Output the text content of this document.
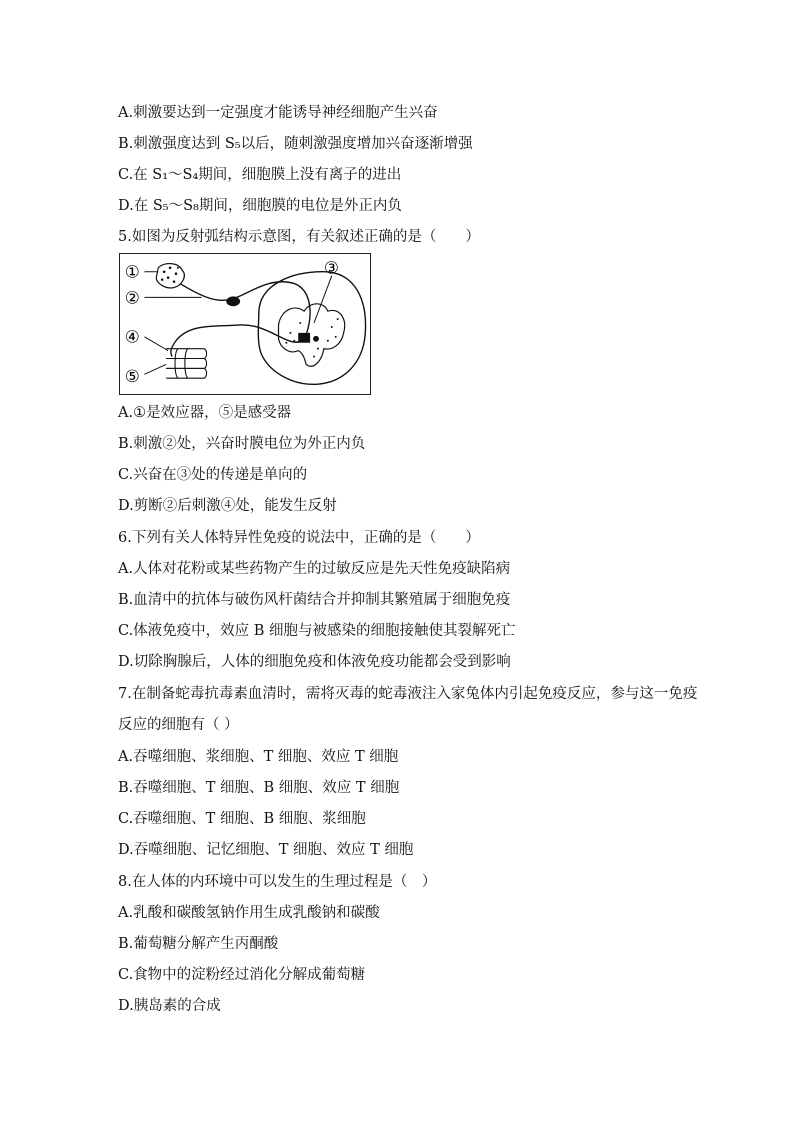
A.刺激要达到一定强度才能诱导神经细胞产生兴奋
B.刺激强度达到 S₅以后，随刺激强度增加兴奋逐渐增强
C.在 S₁～S₄期间，细胞膜上没有离子的进出
D.在 S₅～S₈期间，细胞膜的电位是外正内负
5.如图为反射弧结构示意图，有关叙述正确的是（　　）
①
②
③
④
⑤
A.①是效应器，⑤是感受器
B.刺激②处，兴奋时膜电位为外正内负
C.兴奋在③处的传递是单向的
D.剪断②后刺激④处，能发生反射
6.下列有关人体特异性免疫的说法中，正确的是（　　）
A.人体对花粉或某些药物产生的过敏反应是先天性免疫缺陷病
B.血清中的抗体与破伤风杆菌结合并抑制其繁殖属于细胞免疫
C.体液免疫中，效应 B 细胞与被感染的细胞接触使其裂解死亡
D.切除胸腺后，人体的细胞免疫和体液免疫功能都会受到影响
7.在制备蛇毒抗毒素血清时，需将灭毒的蛇毒液注入家兔体内引起免疫反应，参与这一免疫
反应的细胞有（ ）
A.吞噬细胞、浆细胞、T 细胞、效应 T 细胞
B.吞噬细胞、T 细胞、B 细胞、效应 T 细胞
C.吞噬细胞、T 细胞、B 细胞、浆细胞
D.吞噬细胞、记忆细胞、T 细胞、效应 T 细胞
8.在人体的内环境中可以发生的生理过程是（　）
A.乳酸和碳酸氢钠作用生成乳酸钠和碳酸
B.葡萄糖分解产生丙酮酸
C.食物中的淀粉经过消化分解成葡萄糖
D.胰岛素的合成
